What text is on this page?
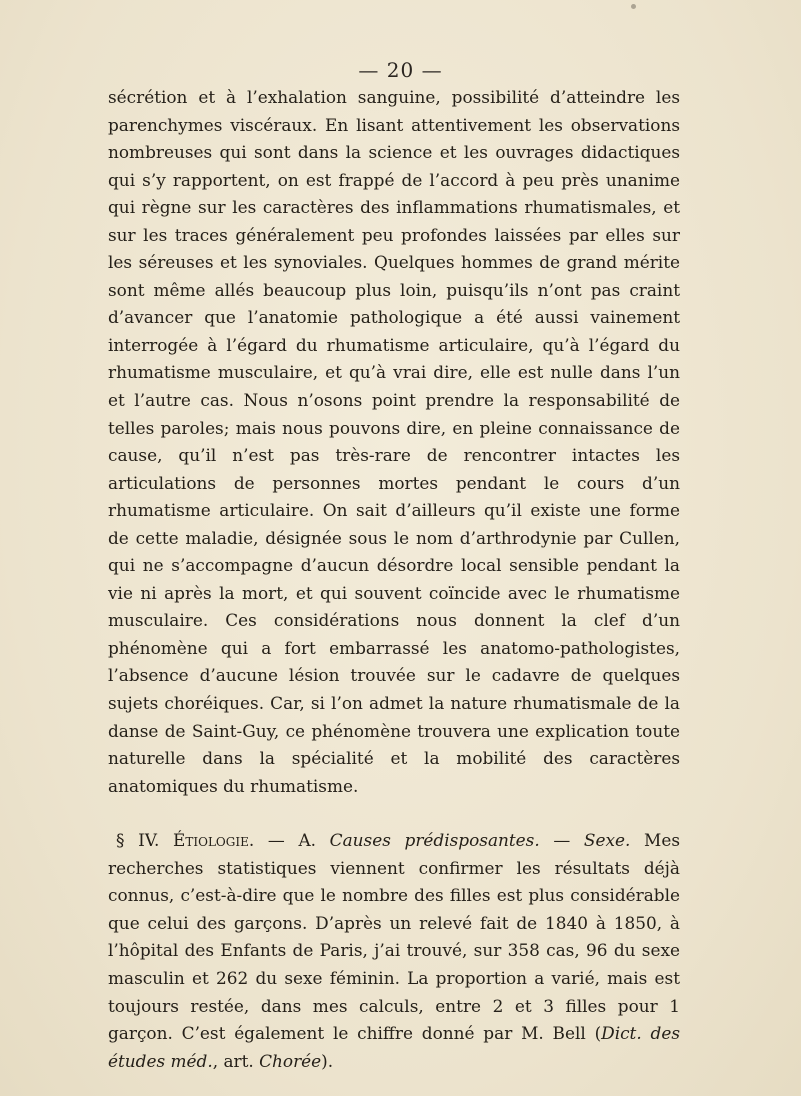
— 20 —

sécrétion et à l’exhalation sanguine, possibilité d’atteindre les parenchymes viscéraux. En lisant attentivement les observations nombreuses qui sont dans la science et les ouvrages didactiques qui s’y rapportent, on est frappé de l’accord à peu près unanime qui règne sur les caractères des inflammations rhumatismales, et sur les traces généralement peu profondes laissées par elles sur les séreuses et les synoviales. Quelques hommes de grand mérite sont même allés beaucoup plus loin, puisqu’ils n’ont pas craint d’avancer que l’anatomie pathologique a été aussi vainement interrogée à l’égard du rhumatisme articulaire, qu’à l’égard du rhumatisme musculaire, et qu’à vrai dire, elle est nulle dans l’un et l’autre cas. Nous n’osons point prendre la responsabilité de telles paroles; mais nous pouvons dire, en pleine connaissance de cause, qu’il n’est pas très-rare de rencontrer intactes les articulations de personnes mortes pendant le cours d’un rhumatisme articulaire. On sait d’ailleurs qu’il existe une forme de cette maladie, désignée sous le nom d’arthrodynie par Cullen, qui ne s’accompagne d’aucun désordre local sensible pendant la vie ni après la mort, et qui souvent coïncide avec le rhumatisme musculaire. Ces considérations nous donnent la clef d’un phénomène qui a fort embarrassé les anatomo-pathologistes, l’absence d’aucune lésion trouvée sur le cadavre de quelques sujets choréiques. Car, si l’on admet la nature rhumatismale de la danse de Saint-Guy, ce phénomène trouvera une explication toute naturelle dans la spécialité et la mobilité des caractères anatomiques du rhumatisme.

§ IV. Étiologie. — A. Causes prédisposantes. — Sexe. Mes recherches statistiques viennent confirmer les résultats déjà connus, c’est-à-dire que le nombre des filles est plus considérable que celui des garçons. D’après un relevé fait de 1840 à 1850, à l’hôpital des Enfants de Paris, j’ai trouvé, sur 358 cas, 96 du sexe masculin et 262 du sexe féminin. La proportion a varié, mais est toujours restée, dans mes calculs, entre 2 et 3 filles pour 1 garçon. C’est également le chiffre donné par M. Bell (Dict. des études méd., art. Chorée).
